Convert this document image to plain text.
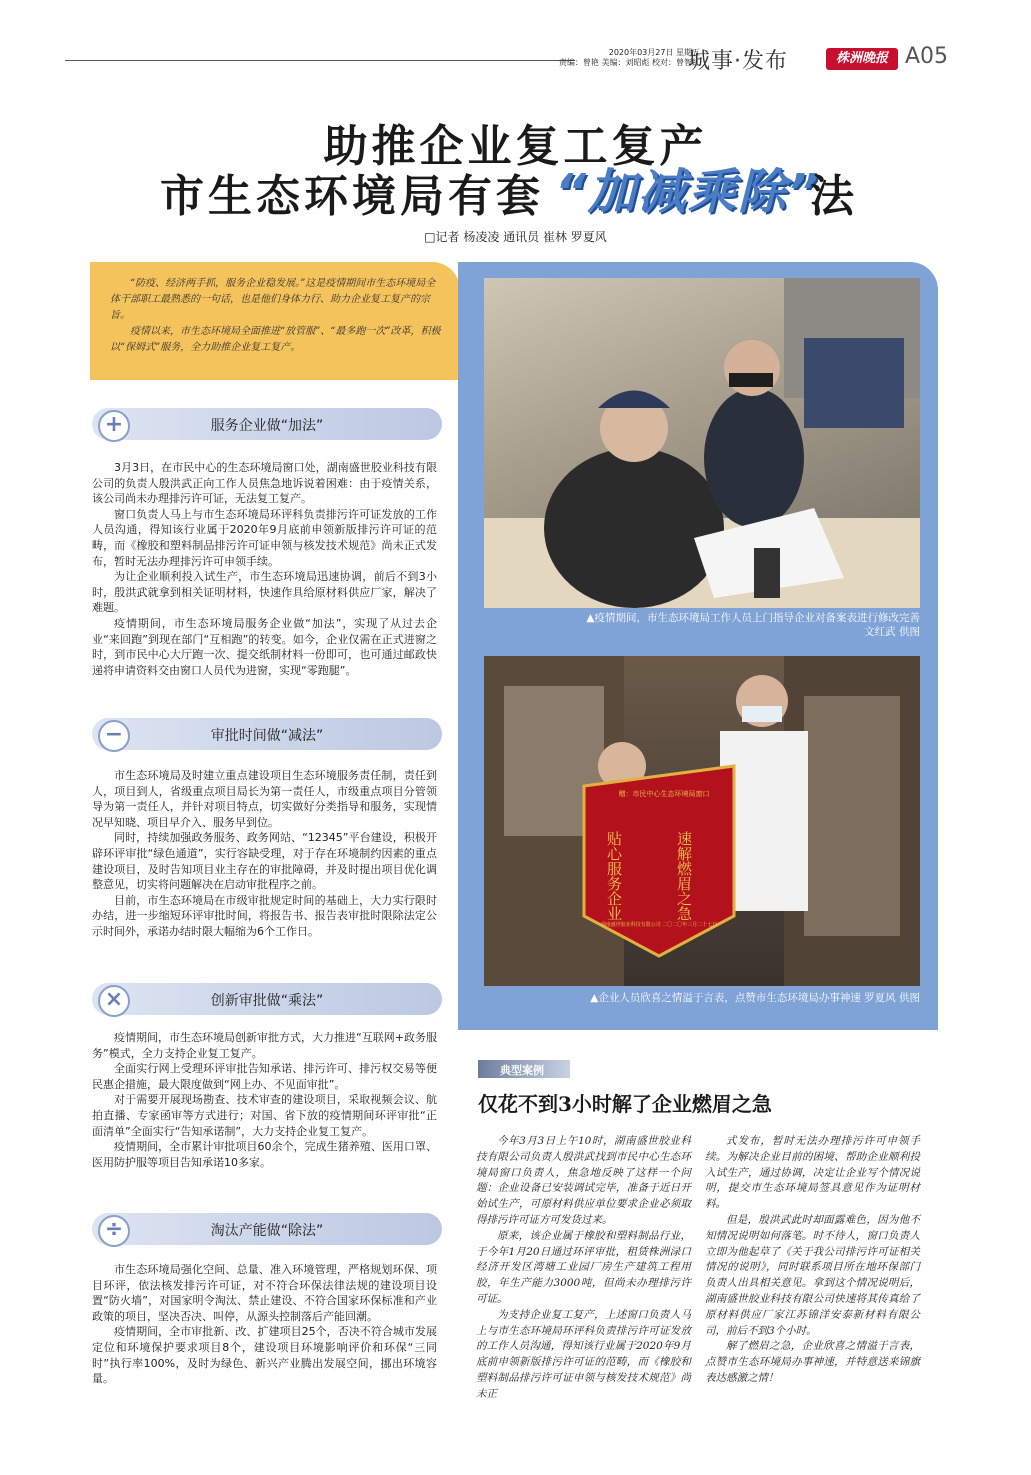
2020年03月27日 星期五
责编：曾艳 美编：刘昭彪 校对：曾智红
城事·发布	株洲晚报 A05
助推企业复工复产
市生态环境局有套 “加减乘除”
法
□记者 杨凌凌 通讯员 崔林 罗夏风
“防疫、经济两手抓，服务企业稳发展。”这是疫情期间市生态环境局全体干部职工最熟悉的一句话，也是他们身体力行、助力企业复工复产的宗旨。
疫情以来，市生态环境局全面推进“放管服”、“最多跑一次”改革，积极以“保姆式”服务，全力助推企业复工复产。
+	服务企业做“加法”
3月3日，在市民中心的生态环境局窗口处，湖南盛世胶业科技有限公司的负责人殷洪武正向工作人员焦急地诉说着困难：由于疫情关系，该公司尚未办理排污许可证，无法复工复产。
窗口负责人马上与市生态环境局环评科负责排污许可证发放的工作人员沟通，得知该行业属于2020年9月底前申领新版排污许可证的范畴，而《橡胶和塑料制品排污许可证申领与核发技术规范》尚未正式发布，暂时无法办理排污许可申领手续。
为让企业顺利投入试生产，市生态环境局迅速协调，前后不到3小时，殷洪武就拿到相关证明材料，快速作具给原材料供应厂家，解决了难题。
疫情期间，市生态环境局服务企业做“加法”，实现了从过去企业“来回跑”到现在部门“互相跑”的转变。如今，企业仅需在正式进窗之时，到市民中心大厅跑一次、提交纸制材料一份即可，也可通过邮政快递将申请资料交由窗口人员代为进窗，实现“零跑腿”。
−	审批时间做“减法”
市生态环境局及时建立重点建设项目生态环境服务责任制，责任到人，项目到人，省级重点项目局长为第一责任人，市级重点项目分管领导为第一责任人，并针对项目特点，切实做好分类指导和服务，实现情况早知晓、项目早介入、服务早到位。
同时，持续加强政务服务、政务网站、“12345”平台建设，积极开辟环评审批“绿色通道”，实行容缺受理，对于存在环境制约因素的重点建设项目，及时告知项目业主存在的审批障碍，并及时提出项目优化调整意见，切实将问题解决在启动审批程序之前。
目前，市生态环境局在市级审批规定时间的基础上，大力实行限时办结，进一步缩短环评审批时间，将报告书、报告表审批时限除法定公示时间外，承诺办结时限大幅缩为6个工作日。
×	创新审批做“乘法”
疫情期间，市生态环境局创新审批方式，大力推进“互联网+政务服务”模式，全力支持企业复工复产。
全面实行网上受理环评审批告知承诺、排污许可、排污权交易等便民惠企措施，最大限度做到“网上办、不见面审批”。
对于需要开展现场勘查、技术审查的建设项目，采取视频会议、航拍直播、专家函审等方式进行；对国、省下放的疫情期间环评审批“正面清单”全面实行“告知承诺制”，大力支持企业复工复产。
疫情期间，全市累计审批项目60余个，完成生猪养殖、医用口罩、医用防护服等项目告知承诺10多家。
÷	淘汰产能做“除法”
市生态环境局强化空间、总量、准入环境管理，严格规划环保、项目环评，依法核发排污许可证，对不符合环保法律法规的建设项目设置“防火墙”，对国家明令淘汰、禁止建设、不符合国家环保标准和产业政策的项目，坚决否决、叫停，从源头控制落后产能回潮。
疫情期间，全市审批新、改、扩建项目25个，否决不符合城市发展定位和环境保护要求项目8个，建设项目环境影响评价和环保“三同时”执行率100%，及时为绿色、新兴产业腾出发展空间，挪出环境容量。
▲疫情期间，市生态环境局工作人员上门指导企业对备案表进行修改完善
文红武 供图
赠：市民中心生态环境局窗口
速解燃眉之急
贴心服务企业
湖南盛世胶业科技有限公司 二〇二〇年三月二十七日
▲企业人员欣喜之情溢于言表，点赞市生态环境局办事神速 罗夏风 供图
典型案例
仅花不到3小时解了企业燃眉之急

今年3月3日上午10时，湖南盛世胶业科技有限公司负责人殷洪武找到市民中心生态环境局窗口负责人，焦急地反映了这样一个问题：企业设备已安装调试完毕，准备于近日开始试生产，可原材料供应单位要求企业必须取得排污许可证方可发货过来。

原来，该企业属于橡胶和塑料制品行业，于今年1月20日通过环评审批，租赁株洲渌口经济开发区湾塘工业园厂房生产建筑工程用胶，年生产能力3000吨，但尚未办理排污许可证。

为支持企业复工复产，上述窗口负责人马上与市生态环境局环评科负责排污许可证发放的工作人员沟通，得知该行业属于2020年9月底前申领新版排污许可证的范畴，而《橡胶和塑料制品排污许可证申领与核发技术规范》尚未正

式发布，暂时无法办理排污许可申领手续。为解决企业目前的困境、帮助企业顺利投入试生产，通过协调，决定让企业写个情况说明，提交市生态环境局签具意见作为证明材料。

但是，殷洪武此时却面露难色，因为他不知情况说明如何落笔。时不待人，窗口负责人立即为他起草了《关于我公司排污许可证相关情况的说明》，同时联系项目所在地环保部门负责人出具相关意见。拿到这个情况说明后，湖南盛世胶业科技有限公司快速将其传真给了原材料供应厂家江苏锦洋安泰新材料有限公司，前后不到3个小时。

解了燃眉之急，企业欣喜之情溢于言表，点赞市生态环境局办事神速，并特意送来锦旗表达感激之情！
